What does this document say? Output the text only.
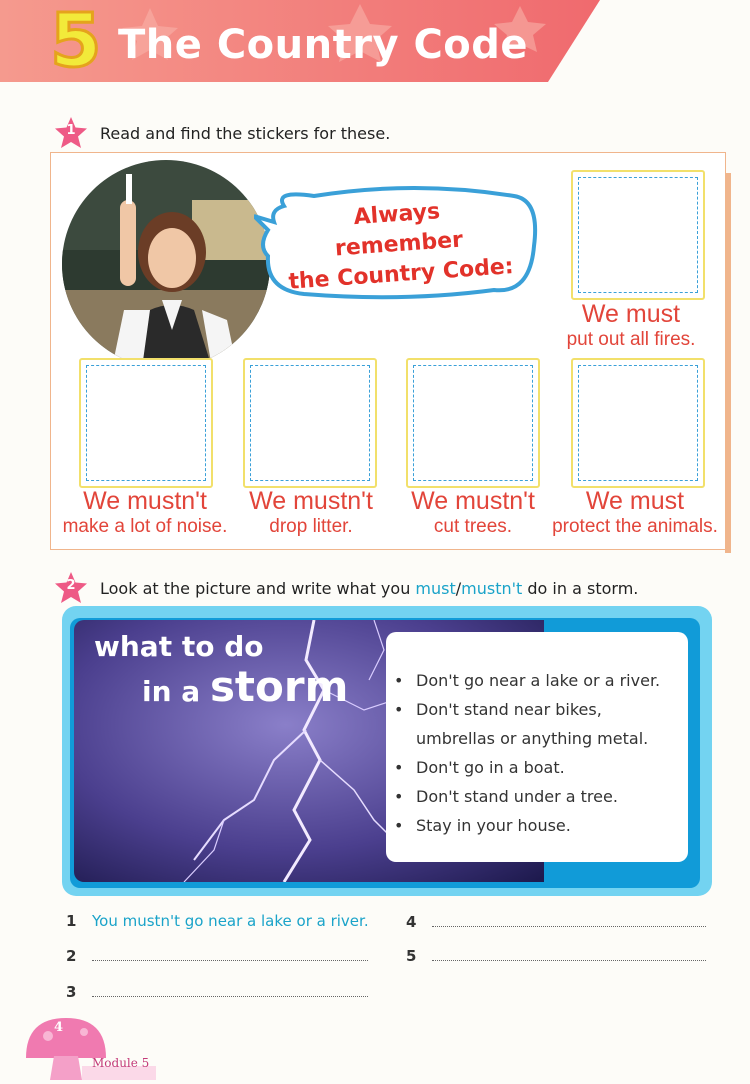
5 The Country Code
1	Read and find the stickers for these.
Always
remember
the Country Code:
We must
put out all fires.
We mustn't
make a lot of noise.
We mustn't
drop litter.
We mustn't
cut trees.
We must
protect the animals.
2	Look at the picture and write what you must/mustn't do in a storm.
what to do
in a storm
•	Don't go near a lake or a river.
• Don't stand near bikes,
umbrellas or anything metal.
• Don't go in a boat.
• Don't stand under a tree.
• Stay in your house.
1	You mustn't go near a lake or a river.
2
3
4
5
4
Module 5
